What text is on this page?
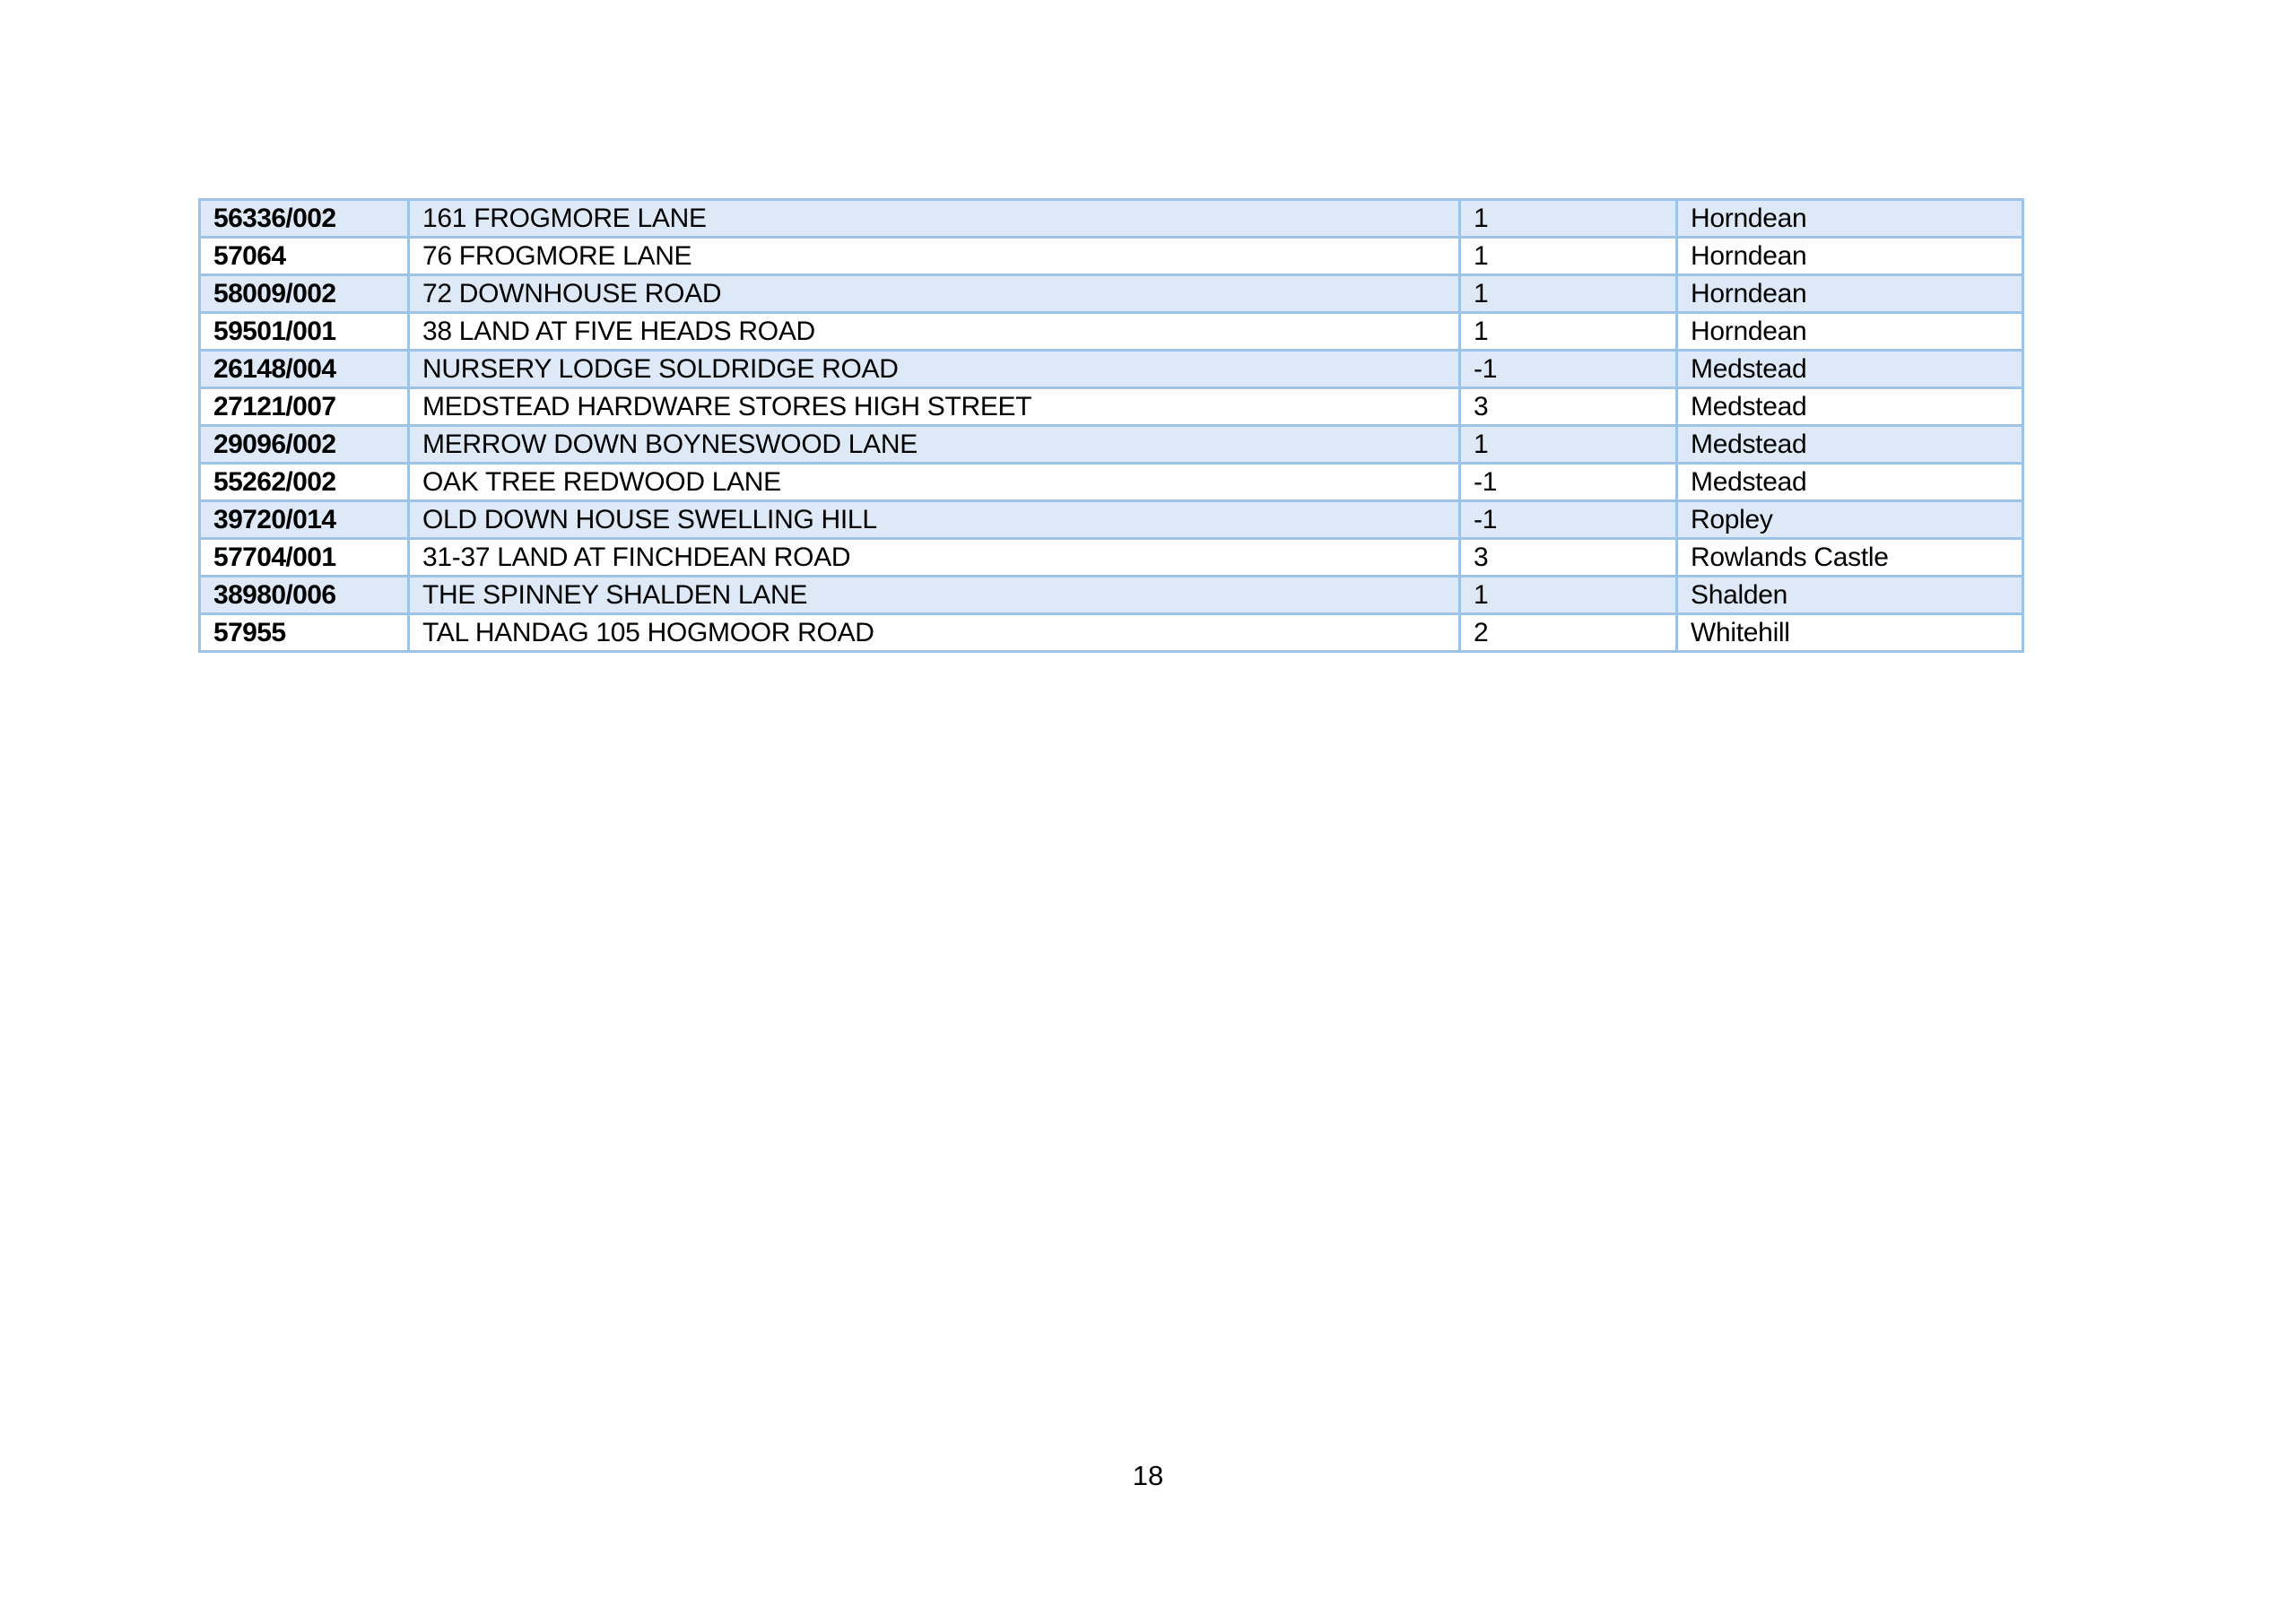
56336/002	161 FROGMORE LANE	1	Horndean
57064	76 FROGMORE LANE	1	Horndean
58009/002	72 DOWNHOUSE ROAD	1	Horndean
59501/001	38 LAND AT FIVE HEADS ROAD	1	Horndean
26148/004	NURSERY LODGE SOLDRIDGE ROAD	-1	Medstead
27121/007	MEDSTEAD HARDWARE STORES HIGH STREET	3	Medstead
29096/002	MERROW DOWN BOYNESWOOD LANE	1	Medstead
55262/002	OAK TREE REDWOOD LANE	-1	Medstead
39720/014	OLD DOWN HOUSE SWELLING HILL	-1	Ropley
57704/001	31-37 LAND AT FINCHDEAN ROAD	3	Rowlands Castle
38980/006	THE SPINNEY SHALDEN LANE	1	Shalden
57955	TAL HANDAG 105 HOGMOOR ROAD	2	Whitehill
18
